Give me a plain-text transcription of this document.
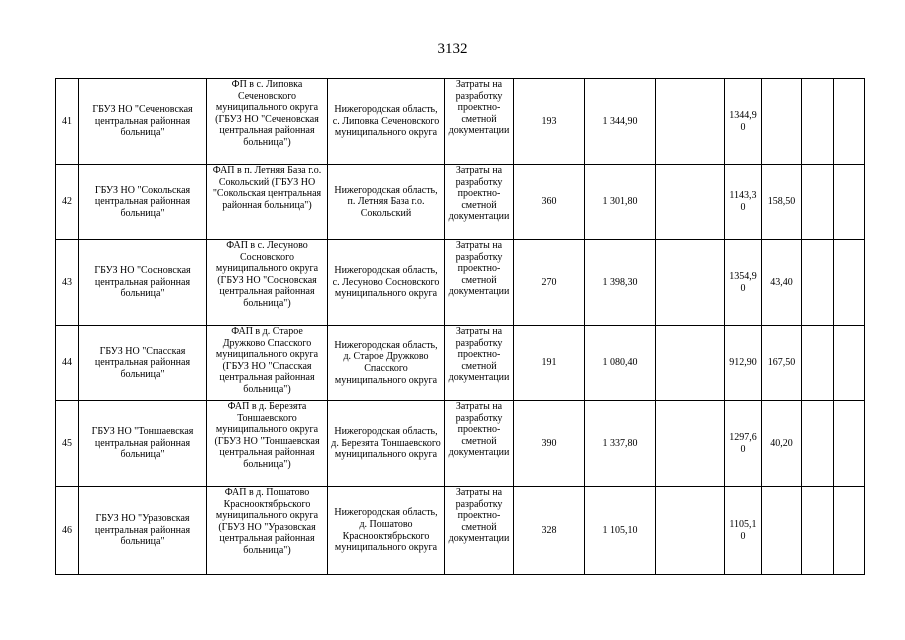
3132
41	ГБУЗ НО "Сеченовская центральная районная больница"	ФП в с. Липовка Сеченовского муниципального округа (ГБУЗ НО "Сеченовская центральная районная больница")	Нижегородская область, с. Липовка Сеченовского муниципального округа	Затраты на разработку проектно-сметной документации	193	1 344,90		1344,90			
42	ГБУЗ НО "Сокольская центральная районная больница"	ФАП в п. Летняя База г.о. Сокольский (ГБУЗ НО "Сокольская центральная районная больница")	Нижегородская область, п. Летняя База г.о. Сокольский	Затраты на разработку проектно-сметной документации	360	1 301,80		1143,30	158,50		
43	ГБУЗ НО "Сосновская центральная районная больница"	ФАП в с. Лесуново Сосновского муниципального округа (ГБУЗ НО "Сосновская центральная районная больница")	Нижегородская область, с. Лесуново Сосновского муниципального округа	Затраты на разработку проектно-сметной документации	270	1 398,30		1354,90	43,40		
44	ГБУЗ НО "Спасская центральная районная больница"	ФАП в д. Старое Дружково Спасского муниципального округа (ГБУЗ НО "Спасская центральная районная больница")	Нижегородская область, д. Старое Дружково Спасского муниципального округа	Затраты на разработку проектно-сметной документации	191	1 080,40		912,90	167,50		
45	ГБУЗ НО "Тоншаевская центральная районная больница"	ФАП в д. Березята Тоншаевского муниципального округа (ГБУЗ НО "Тоншаевская центральная районная больница")	Нижегородская область, д. Березята Тоншаевского муниципального округа	Затраты на разработку проектно-сметной документации	390	1 337,80		1297,60	40,20		
46	ГБУЗ НО "Уразовская центральная районная больница"	ФАП в д. Пошатово Краснооктябрьского муниципального округа (ГБУЗ НО "Уразовская центральная районная больница")	Нижегородская область, д. Пошатово Краснооктябрьского муниципального округа	Затраты на разработку проектно-сметной документации	328	1 105,10		1105,10			
